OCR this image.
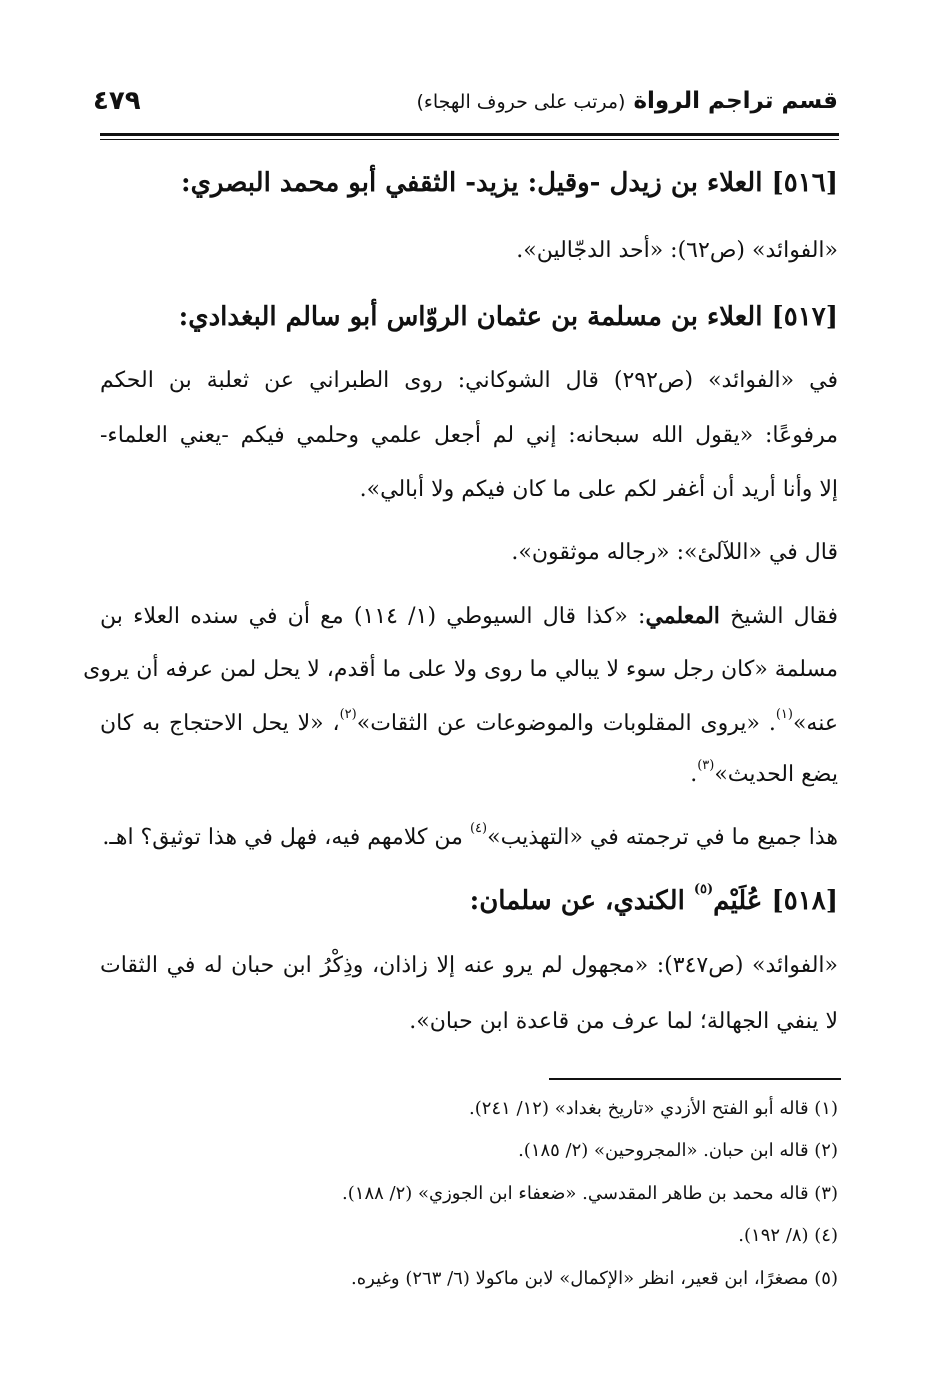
قسم تراجم الرواة (مرتب على حروف الهجاء)
٤٧٩
[٥١٦] العلاء بن زيدل -وقيل: يزيد- الثقفي أبو محمد البصري:
«الفوائد» (ص٦٢): «أحد الدجّالين».
[٥١٧] العلاء بن مسلمة بن عثمان الروّاس أبو سالم البغدادي:
في «الفوائد» (ص٢٩٢) قال الشوكاني: روى الطبراني عن ثعلبة بن الحكم
مرفوعًا: «يقول الله سبحانه: إني لم أجعل علمي وحلمي فيكم -يعني العلماء-
إلا وأنا أريد أن أغفر لكم على ما كان فيكم ولا أبالي».
قال في «اللآلئ»: «رجاله موثقون».
فقال الشيخ المعلمي: «كذا قال السيوطي (١/ ١١٤) مع أن في سنده العلاء بن
مسلمة «كان رجل سوء لا يبالي ما روى ولا على ما أقدم، لا يحل لمن عرفه أن يروى
عنه»$^{(١)}$. «يروى المقلوبات والموضوعات عن الثقات»$^{(٢)}$، «لا يحل الاحتجاج به كان
يضع الحديث»$^{(٣)}$.
هذا جميع ما في ترجمته في «التهذيب»$^{(٤)}$ من كلامهم فيه، فهل في هذا توثيق؟ اهـ.
[٥١٨] عُلَيْم$^{(٥)}$ الكندي، عن سلمان:
«الفوائد» (ص٣٤٧): «مجهول لم يرو عنه إلا زاذان، وذِكْرُ ابن حبان له في الثقات
لا ينفي الجهالة؛ لما عرف من قاعدة ابن حبان».
(١) قاله أبو الفتح الأزدي «تاريخ بغداد» (١٢/ ٢٤١).
(٢) قاله ابن حبان. «المجروحين» (٢/ ١٨٥).
(٣) قاله محمد بن طاهر المقدسي. «ضعفاء ابن الجوزي» (٢/ ١٨٨).
(٤) (٨/ ١٩٢).
(٥) مصغرًا، ابن قعير، انظر «الإكمال» لابن ماكولا (٦/ ٢٦٣) وغيره.
